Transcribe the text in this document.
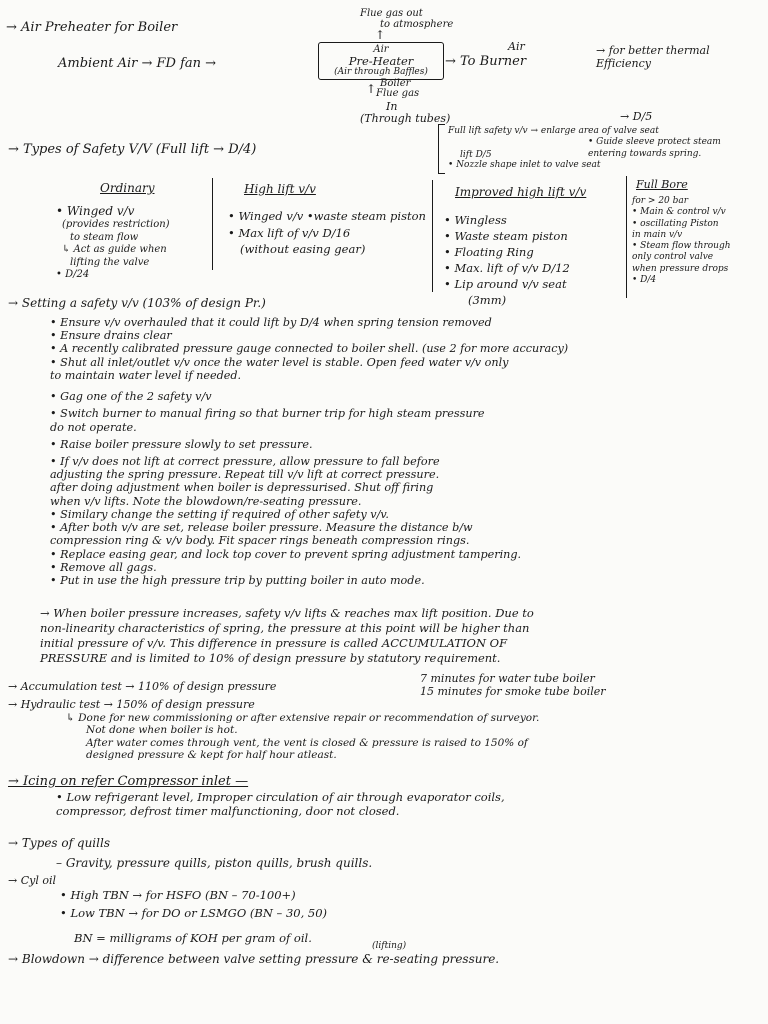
→ Air Preheater for Boiler
Flue gas out
to atmosphere
↑
Ambient Air → FD fan →
Air
Pre-Heater
(Air through Baffles)
Air
→ To Burner
→ for better thermal Efficiency
↑ Boiler
Flue gas
In
(Through tubes)
→ Types of Safety V/V (Full lift → D/4)
→ D/5
Full lift safety v/v → enlarge area of valve seat
• Guide sleeve protect steam
entering towards spring.
• Nozzle shape inlet to valve seat
lift D/5
Ordinary
• Winged v/v
(provides restriction)
to steam flow
↳ Act as guide when
lifting the valve
• D/24
High lift v/v
• Winged v/v •waste steam piston
• Max lift of v/v D/16
(without easing gear)
Improved high lift v/v
• Wingless
• Waste steam piston
• Floating Ring
• Max. lift of v/v D/12
• Lip around v/v seat
(3mm)
Full Bore
for > 20 bar
• Main & control v/v
• oscillating Piston
in main v/v
• Steam flow through
only control valve
when pressure drops
• D/4
→ Setting a safety v/v (103% of design Pr.)
• Ensure v/v overhauled that it could lift by D/4 when spring tension removed
• Ensure drains clear
• A recently calibrated pressure gauge connected to boiler shell. (use 2 for more accuracy)
• Shut all inlet/outlet v/v once the water level is stable. Open feed water v/v only
to maintain water level if needed.
• Gag one of the 2 safety v/v
• Switch burner to manual firing so that burner trip for high steam pressure
do not operate.
• Raise boiler pressure slowly to set pressure.
• If v/v does not lift at correct pressure, allow pressure to fall before
adjusting the spring pressure. Repeat till v/v lift at correct pressure.
after doing adjustment when boiler is depressurised. Shut off firing
when v/v lifts. Note the blowdown/re-seating pressure.
• Similary change the setting if required of other safety v/v.
• After both v/v are set, release boiler pressure. Measure the distance b/w
compression ring & v/v body. Fit spacer rings beneath compression rings.
• Replace easing gear, and lock top cover to prevent spring adjustment tampering.
• Remove all gags.
• Put in use the high pressure trip by putting boiler in auto mode.
→ When boiler pressure increases, safety v/v lifts & reaches max lift position. Due to
non-linearity characteristics of spring, the pressure at this point will be higher than
initial pressure of v/v. This difference in pressure is called ACCUMULATION OF
PRESSURE and is limited to 10% of design pressure by statutory requirement.
→ Accumulation test → 110% of design pressure
7 minutes for water tube boiler
15 minutes for smoke tube boiler
→ Hydraulic test → 150% of design pressure
↳ Done for new commissioning or after extensive repair or recommendation of surveyor.
Not done when boiler is hot.
After water comes through vent, the vent is closed & pressure is raised to 150% of
designed pressure & kept for half hour atleast.
→ Icing on refer Compressor inlet —
• Low refrigerant level, Improper circulation of air through evaporator coils,
compressor, defrost timer malfunctioning, door not closed.
→ Types of quills
– Gravity, pressure quills, piston quills, brush quills.
→ Cyl oil
• High TBN → for HSFO (BN – 70-100+)
• Low TBN → for DO or LSMGO (BN – 30, 50)
BN = milligrams of KOH per gram of oil.
(lifting)
→ Blowdown → difference between valve setting pressure & re-seating pressure.
